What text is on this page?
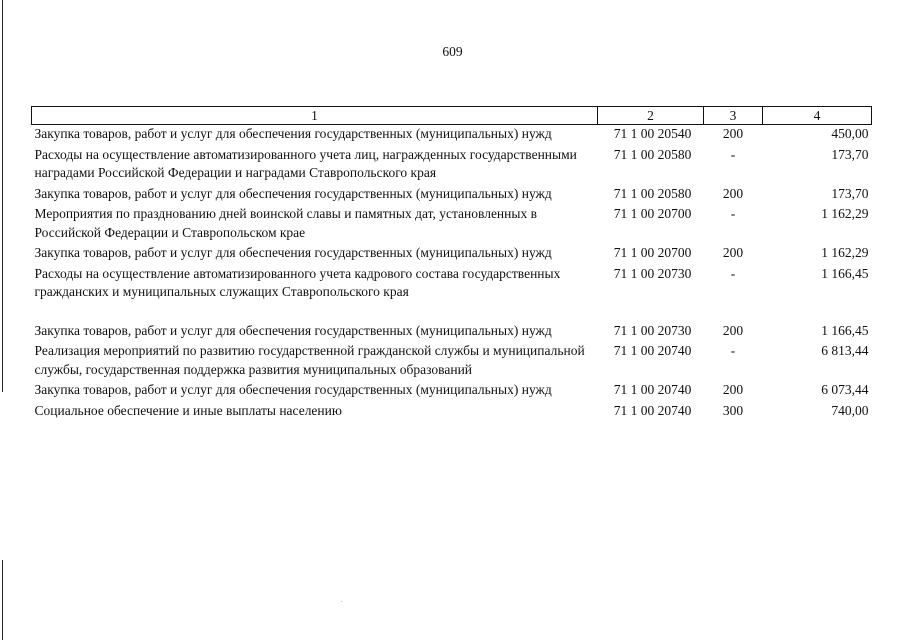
609
1	2	3	4
Закупка товаров, работ и услуг для обеспечения государственных (муниципальных) нужд	71 1 00 20540	200	450,00
Расходы на осуществление автоматизированного учета лиц, награжденных государственными наградами Российской Федерации и наградами Ставропольского края	71 1 00 20580	-	173,70
Закупка товаров, работ и услуг для обеспечения государственных (муниципальных) нужд	71 1 00 20580	200	173,70
Мероприятия по празднованию дней воинской славы и памятных дат, установленных в Российской Федерации и Ставропольском крае	71 1 00 20700	-	1 162,29
Закупка товаров, работ и услуг для обеспечения государственных (муниципальных) нужд	71 1 00 20700	200	1 162,29
Расходы на осуществление автоматизированного учета кадрового состава государственных гражданских и муниципальных служащих Ставропольского края	71 1 00 20730	-	1 166,45
Закупка товаров, работ и услуг для обеспечения государственных (муниципальных) нужд	71 1 00 20730	200	1 166,45
Реализация мероприятий по развитию государственной гражданской службы и муниципальной службы, государственная поддержка развития муниципальных образований	71 1 00 20740	-	6 813,44
Закупка товаров, работ и услуг для обеспечения государственных (муниципальных) нужд	71 1 00 20740	200	6 073,44
Социальное обеспечение и иные выплаты населению	71 1 00 20740	300	740,00
